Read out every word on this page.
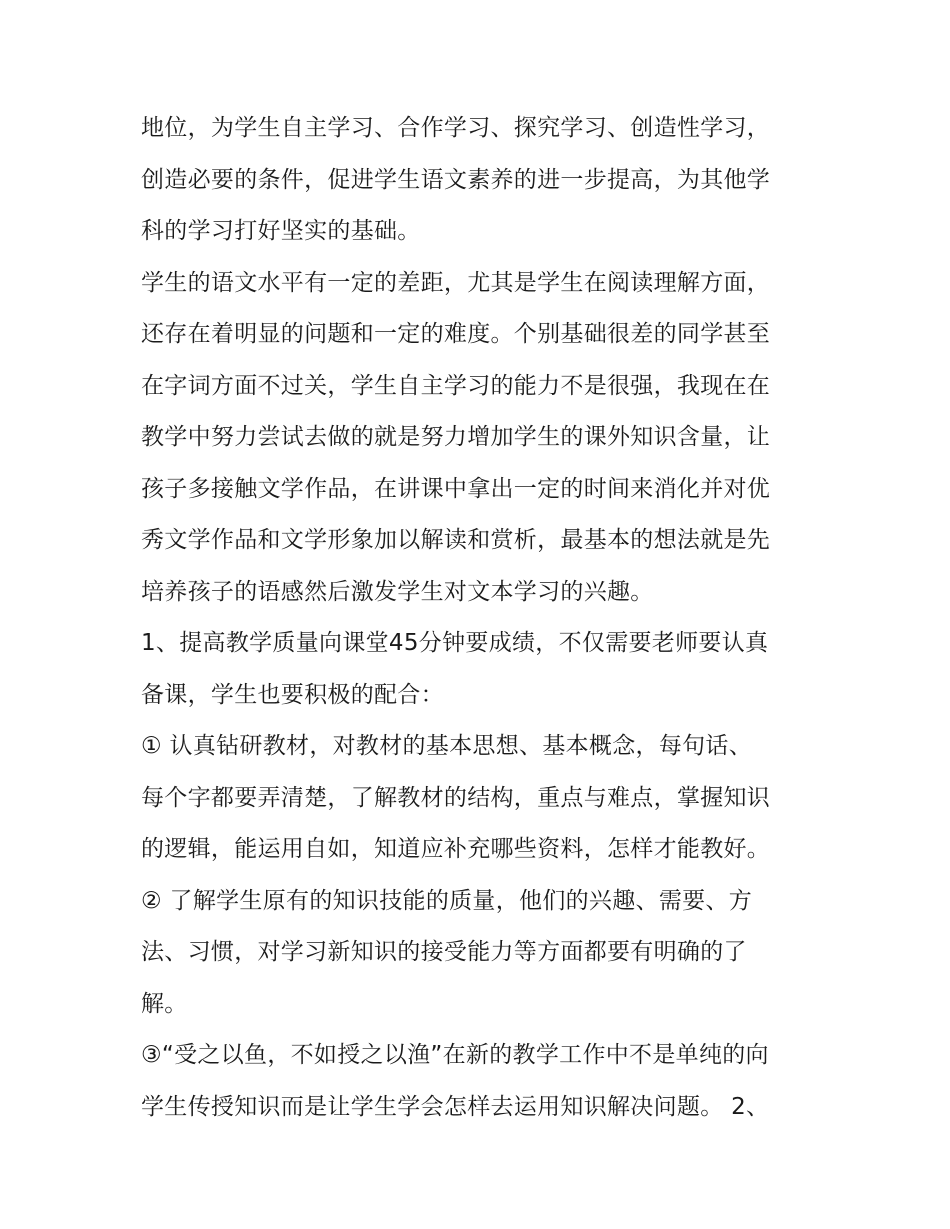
地位，为学生自主学习、合作学习、探究学习、创造性学习，
创造必要的条件，促进学生语文素养的进一步提高，为其他学
科的学习打好坚实的基础。
学生的语文水平有一定的差距，尤其是学生在阅读理解方面，
还存在着明显的问题和一定的难度。个别基础很差的同学甚至
在字词方面不过关，学生自主学习的能力不是很强，我现在在
教学中努力尝试去做的就是努力增加学生的课外知识含量，让
孩子多接触文学作品，在讲课中拿出一定的时间来消化并对优
秀文学作品和文学形象加以解读和赏析，最基本的想法就是先
培养孩子的语感然后激发学生对文本学习的兴趣。
1、提高教学质量向课堂45分钟要成绩，不仅需要老师要认真
备课，学生也要积极的配合：
① 认真钻研教材，对教材的基本思想、基本概念，每句话、
每个字都要弄清楚，了解教材的结构，重点与难点，掌握知识
的逻辑，能运用自如，知道应补充哪些资料，怎样才能教好。
② 了解学生原有的知识技能的质量，他们的兴趣、需要、方
法、习惯，对学习新知识的接受能力等方面都要有明确的了
解。
③“受之以鱼，不如授之以渔”在新的教学工作中不是单纯的向
学生传授知识而是让学生学会怎样去运用知识解决问题。 2、
